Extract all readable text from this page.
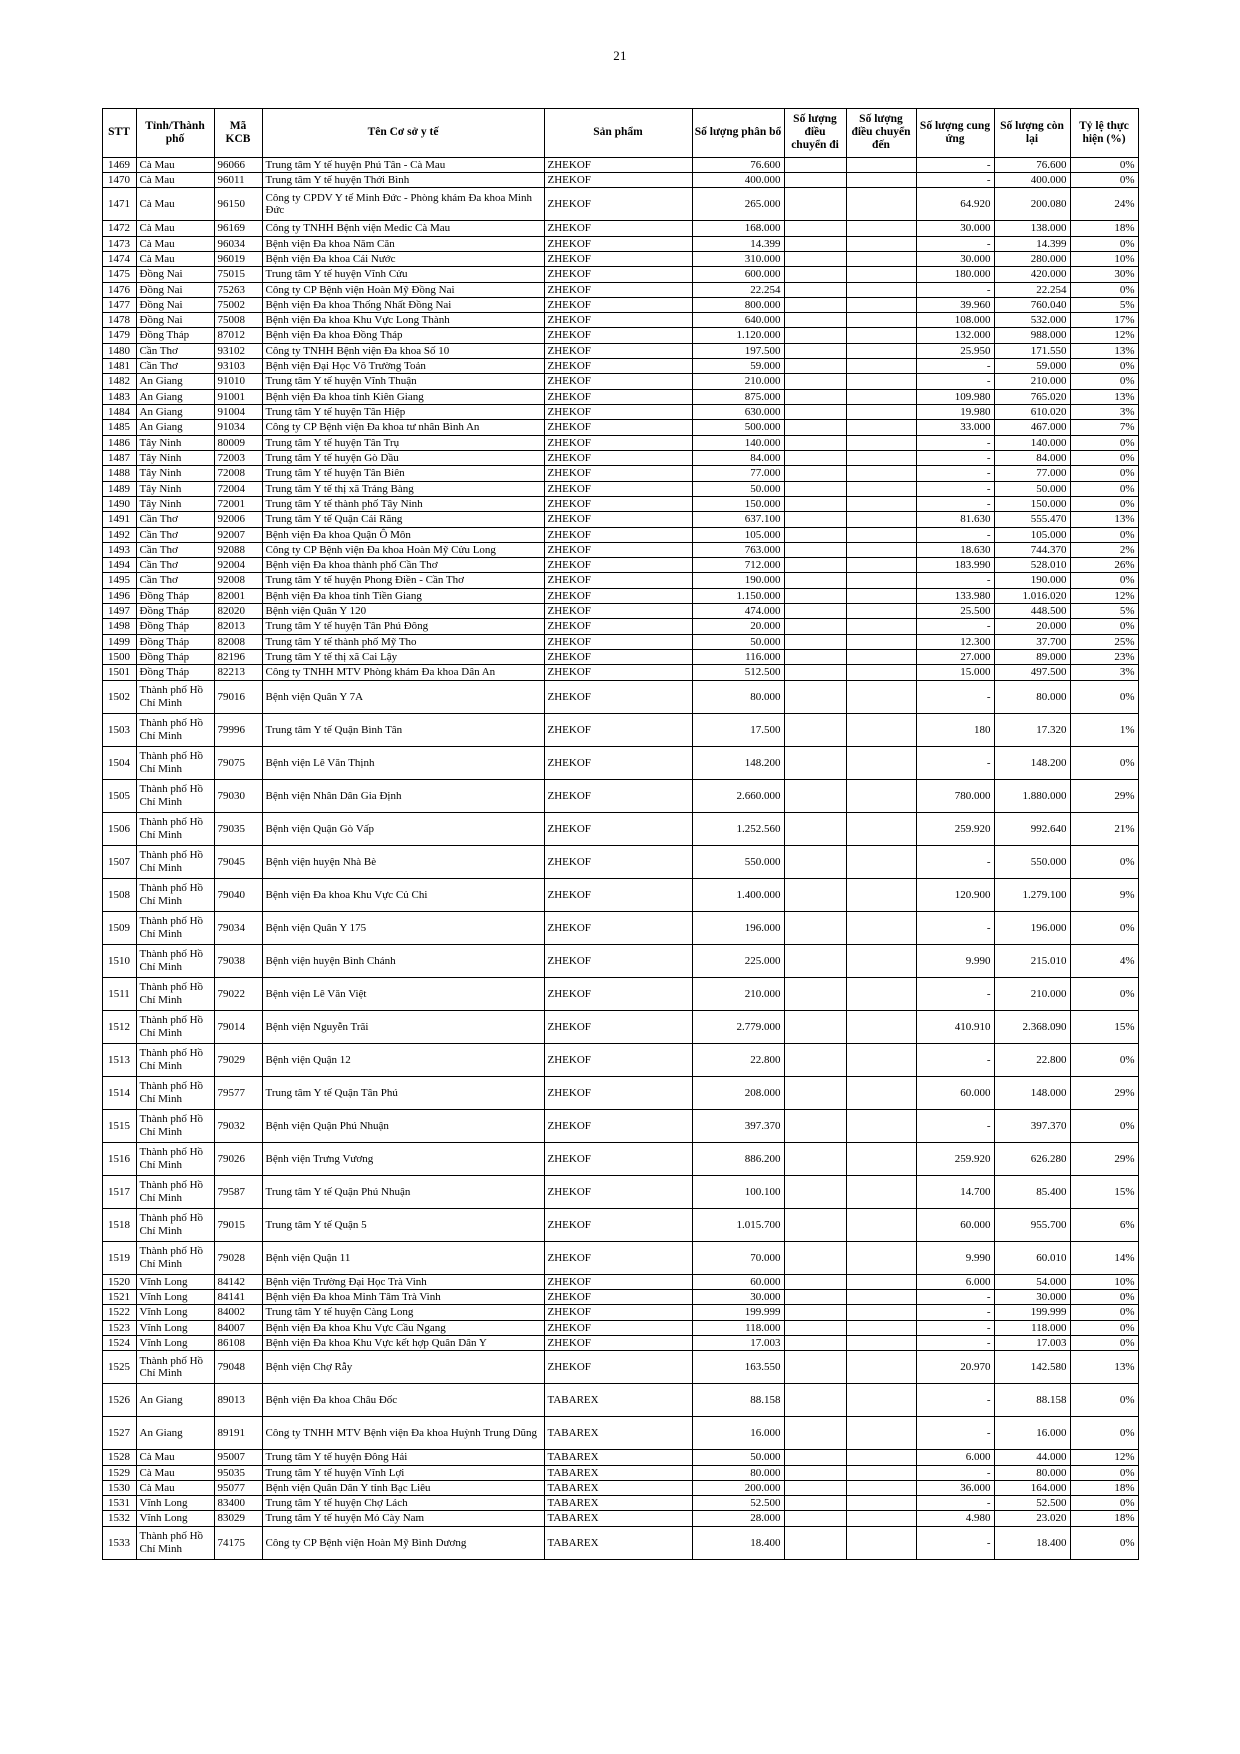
21
STT	Tỉnh/Thành phố	Mã KCB	Tên Cơ sở y tế	Sản phẩm	Số lượng phân bổ	Số lượng điều chuyển đi	Số lượng điều chuyển đến	Số lượng cung ứng	Số lượng còn lại	Tỷ lệ thực hiện (%)
1469	Cà Mau	96066	Trung tâm Y tế huyện Phú Tân - Cà Mau	ZHEKOF	76.600			-	76.600	0%
1470	Cà Mau	96011	Trung tâm Y tế huyện Thới Bình	ZHEKOF	400.000			-	400.000	0%
1471	Cà Mau	96150	Công ty CPDV Y tế Minh Đức - Phòng khám Đa khoa Minh Đức	ZHEKOF	265.000			64.920	200.080	24%
1472	Cà Mau	96169	Công ty TNHH Bệnh viện Medic Cà Mau	ZHEKOF	168.000			30.000	138.000	18%
1473	Cà Mau	96034	Bệnh viện Đa khoa Năm Căn	ZHEKOF	14.399			-	14.399	0%
1474	Cà Mau	96019	Bệnh viện Đa khoa Cái Nước	ZHEKOF	310.000			30.000	280.000	10%
1475	Đồng Nai	75015	Trung tâm Y tế huyện Vĩnh Cửu	ZHEKOF	600.000			180.000	420.000	30%
1476	Đồng Nai	75263	Công ty CP Bệnh viện Hoàn Mỹ Đồng Nai	ZHEKOF	22.254			-	22.254	0%
1477	Đồng Nai	75002	Bệnh viện Đa khoa Thống Nhất Đồng Nai	ZHEKOF	800.000			39.960	760.040	5%
1478	Đồng Nai	75008	Bệnh viện Đa khoa Khu Vực Long Thành	ZHEKOF	640.000			108.000	532.000	17%
1479	Đồng Tháp	87012	Bệnh viện Đa khoa Đồng Tháp	ZHEKOF	1.120.000			132.000	988.000	12%
1480	Cần Thơ	93102	Công ty TNHH Bệnh viện Đa khoa Số 10	ZHEKOF	197.500			25.950	171.550	13%
1481	Cần Thơ	93103	Bệnh viện Đại Học Võ Trường Toản	ZHEKOF	59.000			-	59.000	0%
1482	An Giang	91010	Trung tâm Y tế huyện Vĩnh Thuận	ZHEKOF	210.000			-	210.000	0%
1483	An Giang	91001	Bệnh viện Đa khoa tỉnh Kiên Giang	ZHEKOF	875.000			109.980	765.020	13%
1484	An Giang	91004	Trung tâm Y tế huyện Tân Hiệp	ZHEKOF	630.000			19.980	610.020	3%
1485	An Giang	91034	Công ty CP Bệnh viện Đa khoa tư nhân Bình An	ZHEKOF	500.000			33.000	467.000	7%
1486	Tây Ninh	80009	Trung tâm Y tế huyện Tân Trụ	ZHEKOF	140.000			-	140.000	0%
1487	Tây Ninh	72003	Trung tâm Y tế huyện Gò Dầu	ZHEKOF	84.000			-	84.000	0%
1488	Tây Ninh	72008	Trung tâm Y tế huyện Tân Biên	ZHEKOF	77.000			-	77.000	0%
1489	Tây Ninh	72004	Trung tâm Y tế thị xã Trảng Bàng	ZHEKOF	50.000			-	50.000	0%
1490	Tây Ninh	72001	Trung tâm Y tế thành phố Tây Ninh	ZHEKOF	150.000			-	150.000	0%
1491	Cần Thơ	92006	Trung tâm Y tế Quận Cái Răng	ZHEKOF	637.100			81.630	555.470	13%
1492	Cần Thơ	92007	Bệnh viện Đa khoa Quận Ô Môn	ZHEKOF	105.000			-	105.000	0%
1493	Cần Thơ	92088	Công ty CP Bệnh viện Đa khoa Hoàn Mỹ Cửu Long	ZHEKOF	763.000			18.630	744.370	2%
1494	Cần Thơ	92004	Bệnh viện Đa khoa thành phố Cần Thơ	ZHEKOF	712.000			183.990	528.010	26%
1495	Cần Thơ	92008	Trung tâm Y tế huyện Phong Điền - Cần Thơ	ZHEKOF	190.000			-	190.000	0%
1496	Đồng Tháp	82001	Bệnh viện Đa khoa tỉnh Tiền Giang	ZHEKOF	1.150.000			133.980	1.016.020	12%
1497	Đồng Tháp	82020	Bệnh viện Quân Y 120	ZHEKOF	474.000			25.500	448.500	5%
1498	Đồng Tháp	82013	Trung tâm Y tế huyện Tân Phú Đông	ZHEKOF	20.000			-	20.000	0%
1499	Đồng Tháp	82008	Trung tâm Y tế thành phố Mỹ Tho	ZHEKOF	50.000			12.300	37.700	25%
1500	Đồng Tháp	82196	Trung tâm Y tế thị xã Cai Lậy	ZHEKOF	116.000			27.000	89.000	23%
1501	Đồng Tháp	82213	Công ty TNHH MTV Phòng khám Đa khoa Dân An	ZHEKOF	512.500			15.000	497.500	3%
1502	Thành phố Hồ Chí Minh	79016	Bệnh viện Quân Y 7A	ZHEKOF	80.000			-	80.000	0%
1503	Thành phố Hồ Chí Minh	79996	Trung tâm Y tế Quận Bình Tân	ZHEKOF	17.500			180	17.320	1%
1504	Thành phố Hồ Chí Minh	79075	Bệnh viện Lê Văn Thịnh	ZHEKOF	148.200			-	148.200	0%
1505	Thành phố Hồ Chí Minh	79030	Bệnh viện Nhân Dân Gia Định	ZHEKOF	2.660.000			780.000	1.880.000	29%
1506	Thành phố Hồ Chí Minh	79035	Bệnh viện Quận Gò Vấp	ZHEKOF	1.252.560			259.920	992.640	21%
1507	Thành phố Hồ Chí Minh	79045	Bệnh viện huyện Nhà Bè	ZHEKOF	550.000			-	550.000	0%
1508	Thành phố Hồ Chí Minh	79040	Bệnh viện Đa khoa Khu Vực Củ Chi	ZHEKOF	1.400.000			120.900	1.279.100	9%
1509	Thành phố Hồ Chí Minh	79034	Bệnh viện Quân Y 175	ZHEKOF	196.000			-	196.000	0%
1510	Thành phố Hồ Chí Minh	79038	Bệnh viện huyện Bình Chánh	ZHEKOF	225.000			9.990	215.010	4%
1511	Thành phố Hồ Chí Minh	79022	Bệnh viện Lê Văn Việt	ZHEKOF	210.000			-	210.000	0%
1512	Thành phố Hồ Chí Minh	79014	Bệnh viện Nguyễn Trãi	ZHEKOF	2.779.000			410.910	2.368.090	15%
1513	Thành phố Hồ Chí Minh	79029	Bệnh viện Quận 12	ZHEKOF	22.800			-	22.800	0%
1514	Thành phố Hồ Chí Minh	79577	Trung tâm Y tế Quận Tân Phú	ZHEKOF	208.000			60.000	148.000	29%
1515	Thành phố Hồ Chí Minh	79032	Bệnh viện Quận Phú Nhuận	ZHEKOF	397.370			-	397.370	0%
1516	Thành phố Hồ Chí Minh	79026	Bệnh viện Trưng Vương	ZHEKOF	886.200			259.920	626.280	29%
1517	Thành phố Hồ Chí Minh	79587	Trung tâm Y tế Quận Phú Nhuận	ZHEKOF	100.100			14.700	85.400	15%
1518	Thành phố Hồ Chí Minh	79015	Trung tâm Y tế Quận 5	ZHEKOF	1.015.700			60.000	955.700	6%
1519	Thành phố Hồ Chí Minh	79028	Bệnh viện Quận 11	ZHEKOF	70.000			9.990	60.010	14%
1520	Vĩnh Long	84142	Bệnh viện Trường Đại Học Trà Vinh	ZHEKOF	60.000			6.000	54.000	10%
1521	Vĩnh Long	84141	Bệnh viện Đa khoa Minh Tâm Trà Vinh	ZHEKOF	30.000			-	30.000	0%
1522	Vĩnh Long	84002	Trung tâm Y tế huyện Càng Long	ZHEKOF	199.999			-	199.999	0%
1523	Vĩnh Long	84007	Bệnh viện Đa khoa Khu Vực Cầu Ngang	ZHEKOF	118.000			-	118.000	0%
1524	Vĩnh Long	86108	Bệnh viện Đa khoa Khu Vực kết hợp Quân Dân Y	ZHEKOF	17.003			-	17.003	0%
1525	Thành phố Hồ Chí Minh	79048	Bệnh viện Chợ Rẫy	ZHEKOF	163.550			20.970	142.580	13%
1526	An Giang	89013	Bệnh viện Đa khoa Châu Đốc	TABAREX	88.158			-	88.158	0%
1527	An Giang	89191	Công ty TNHH MTV Bệnh viện Đa khoa Huỳnh Trung Dũng	TABAREX	16.000			-	16.000	0%
1528	Cà Mau	95007	Trung tâm Y tế huyện Đông Hải	TABAREX	50.000			6.000	44.000	12%
1529	Cà Mau	95035	Trung tâm Y tế huyện Vĩnh Lợi	TABAREX	80.000			-	80.000	0%
1530	Cà Mau	95077	Bệnh viện Quân Dân Y tỉnh Bạc Liêu	TABAREX	200.000			36.000	164.000	18%
1531	Vĩnh Long	83400	Trung tâm Y tế huyện Chợ Lách	TABAREX	52.500			-	52.500	0%
1532	Vĩnh Long	83029	Trung tâm Y tế huyện Mỏ Cày Nam	TABAREX	28.000			4.980	23.020	18%
1533	Thành phố Hồ Chí Minh	74175	Công ty CP Bệnh viện Hoàn Mỹ Bình Dương	TABAREX	18.400			-	18.400	0%
